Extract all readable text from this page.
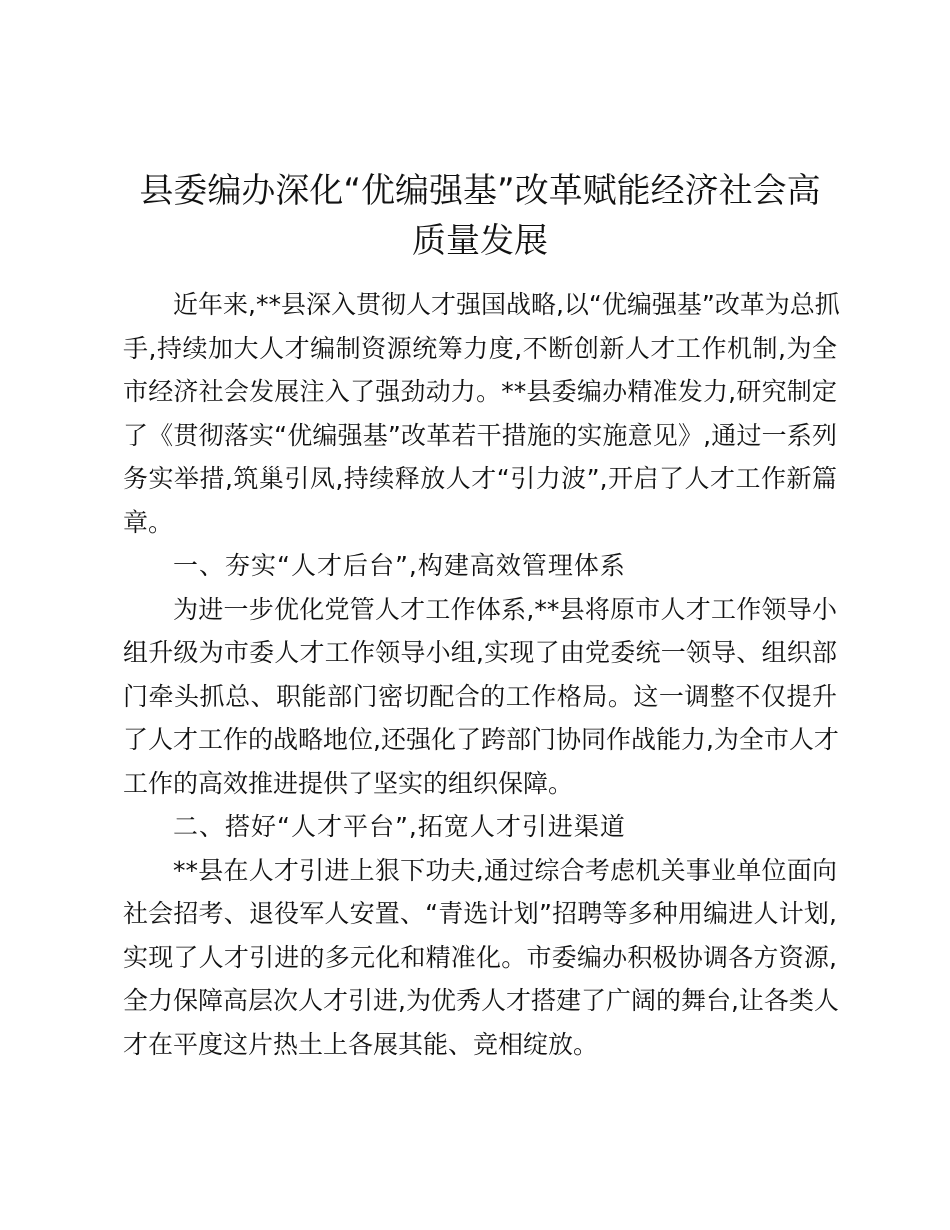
县委编办深化“优编强基”改革赋能经济社会高
质量发展
近年来,**县深入贯彻人才强国战略,以“优编强基”改革为总抓
手,持续加大人才编制资源统筹力度,不断创新人才工作机制,为全
市经济社会发展注入了强劲动力。**县委编办精准发力,研究制定
了《贯彻落实“优编强基”改革若干措施的实施意见》,通过一系列
务实举措,筑巢引凤,持续释放人才“引力波”,开启了人才工作新篇
章。
一、夯实“人才后台”,构建高效管理体系
为进一步优化党管人才工作体系,**县将原市人才工作领导小
组升级为市委人才工作领导小组,实现了由党委统一领导、组织部
门牵头抓总、职能部门密切配合的工作格局。这一调整不仅提升
了人才工作的战略地位,还强化了跨部门协同作战能力,为全市人才
工作的高效推进提供了坚实的组织保障。
二、搭好“人才平台”,拓宽人才引进渠道
**县在人才引进上狠下功夫,通过综合考虑机关事业单位面向
社会招考、退役军人安置、“青选计划”招聘等多种用编进人计划,
实现了人才引进的多元化和精准化。市委编办积极协调各方资源,
全力保障高层次人才引进,为优秀人才搭建了广阔的舞台,让各类人
才在平度这片热土上各展其能、竞相绽放。
